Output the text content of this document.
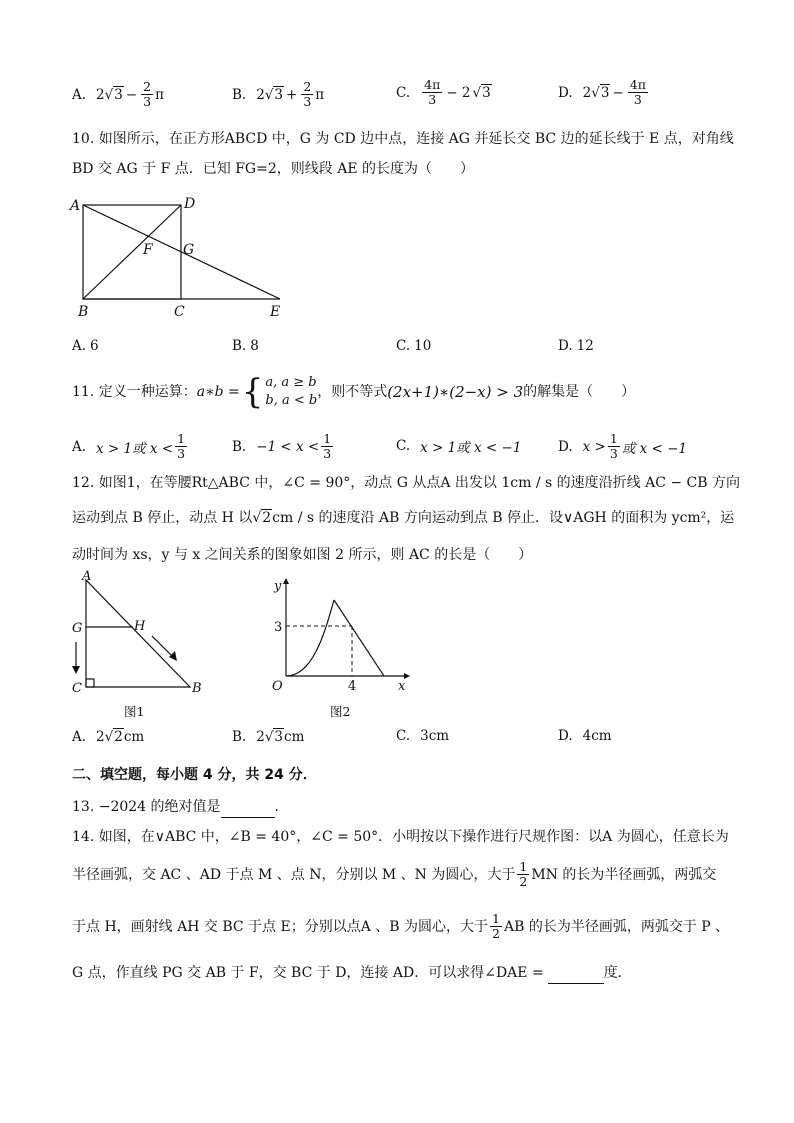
A. 2 √ $3 - \frac{2}{3}$ π	B. 2 √ $3 + \frac{2}{3}$ π	C. $\frac{4\pi}{3} - 2$ √ 3	D. 2 √ $3 - \frac{4\pi}{3}$
10. 如图所示，在正方形ABCD 中，G 为 CD 边中点，连接 AG 并延长交 BC 边的延长线于 E 点，对角线
BD 交 AG 于 F 点．已知 FG=2，则线段 AE 的长度为（　　）
A	D
F G
B	C	E
A. 6	B. 8	C. 10	D. 12
11. 定义一种运算： a∗b = { a, a ≥ b
b, a < b
，则不等式 (2x+1)∗(2−x) > 3 的解集是（　　）
A. x > 1或 $x < \frac{1}{3}$	B. $-1 < x < \frac{1}{3}$	C. x > 1或 x < −1	D. $x > \frac{1}{3}$ 或 x < −1
12. 如图1，在等腰Rt△ABC 中，∠C = 90°，动点 G 从点A 出发以 1cm / s 的速度沿折线 AC − CB 方向
运动到点 B 停止，动点 H 以√2cm / s 的速度沿 AB 方向运动到点 B 停止．设∨AGH 的面积为 ycm²，运
动时间为 xs，y 与 x 之间关系的图象如图 2 所示，则 AC 的长是（　　）
A
G	H
C	B
图1
y
x
O
3
4
图2
A. 2 √ 2 cm	B. 2 √ 3 cm	C. 3cm	D. 4cm
二、填空题，每小题 4 分，共 24 分．
13. −2024 的绝对值是	．
14. 如图，在∨ABC 中，∠B = 40°，∠C = 50°．小明按以下操作进行尺规作图：以A 为圆心，任意长为
半径画弧，交 AC 、AD 于点 M 、点 N，分别以 M 、N 为圆心，大于 $\frac{1}{2}$ MN 的长为半径画弧，两弧交
于点 H，画射线 AH 交 BC 于点 E；分别以点A 、B 为圆心，大于 $\frac{1}{2}$ AB 的长为半径画弧，两弧交于 P 、
G 点，作直线 PG 交 AB 于 F，交 BC 于 D，连接 AD．可以求得∠DAE =	度．
